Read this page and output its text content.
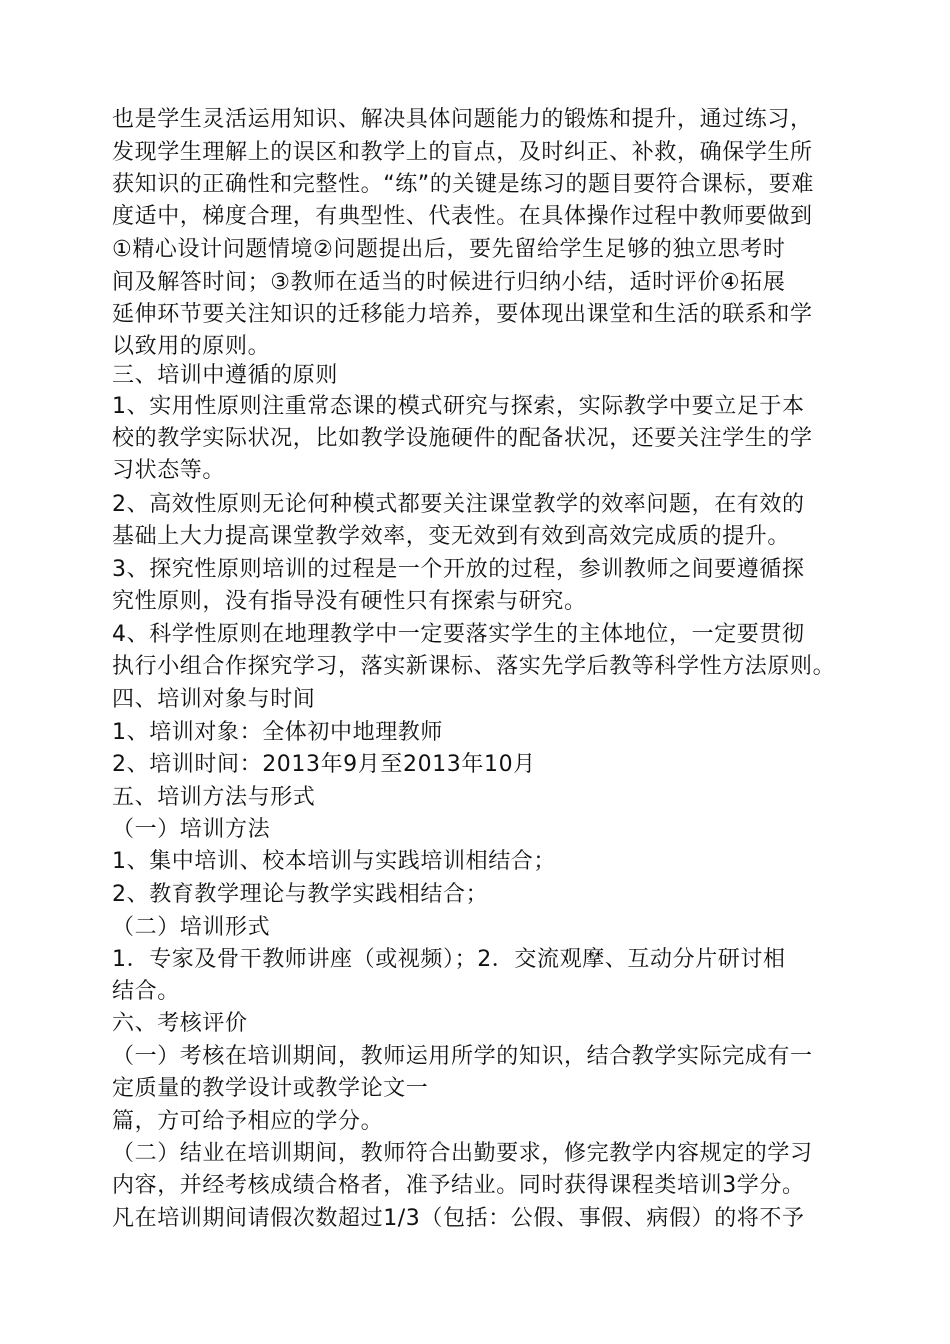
也是学生灵活运用知识、解决具体问题能力的锻炼和提升，通过练习，
发现学生理解上的误区和教学上的盲点，及时纠正、补救，确保学生所
获知识的正确性和完整性。“练”的关键是练习的题目要符合课标，要难
度适中，梯度合理，有典型性、代表性。在具体操作过程中教师要做到
①精心设计问题情境②问题提出后，要先留给学生足够的独立思考时
间及解答时间；③教师在适当的时候进行归纳小结，适时评价④拓展
延伸环节要关注知识的迁移能力培养，要体现出课堂和生活的联系和学
以致用的原则。
三、培训中遵循的原则
1、实用性原则注重常态课的模式研究与探索，实际教学中要立足于本
校的教学实际状况，比如教学设施硬件的配备状况，还要关注学生的学
习状态等。
2、高效性原则无论何种模式都要关注课堂教学的效率问题，在有效的
基础上大力提高课堂教学效率，变无效到有效到高效完成质的提升。
3、探究性原则培训的过程是一个开放的过程，参训教师之间要遵循探
究性原则，没有指导没有硬性只有探索与研究。
4、科学性原则在地理教学中一定要落实学生的主体地位，一定要贯彻
执行小组合作探究学习，落实新课标、落实先学后教等科学性方法原则。
四、培训对象与时间
1、培训对象：全体初中地理教师
2、培训时间：2013年9月至2013年10月
五、培训方法与形式
（一）培训方法
1、集中培训、校本培训与实践培训相结合；
2、教育教学理论与教学实践相结合；
（二）培训形式
1．专家及骨干教师讲座（或视频）；2．交流观摩、互动分片研讨相
结合。
六、考核评价
（一）考核在培训期间，教师运用所学的知识，结合教学实际完成有一
定质量的教学设计或教学论文一
篇，方可给予相应的学分。
（二）结业在培训期间，教师符合出勤要求，修完教学内容规定的学习
内容，并经考核成绩合格者，准予结业。同时获得课程类培训3学分。
凡在培训期间请假次数超过1/3（包括：公假、事假、病假）的将不予
